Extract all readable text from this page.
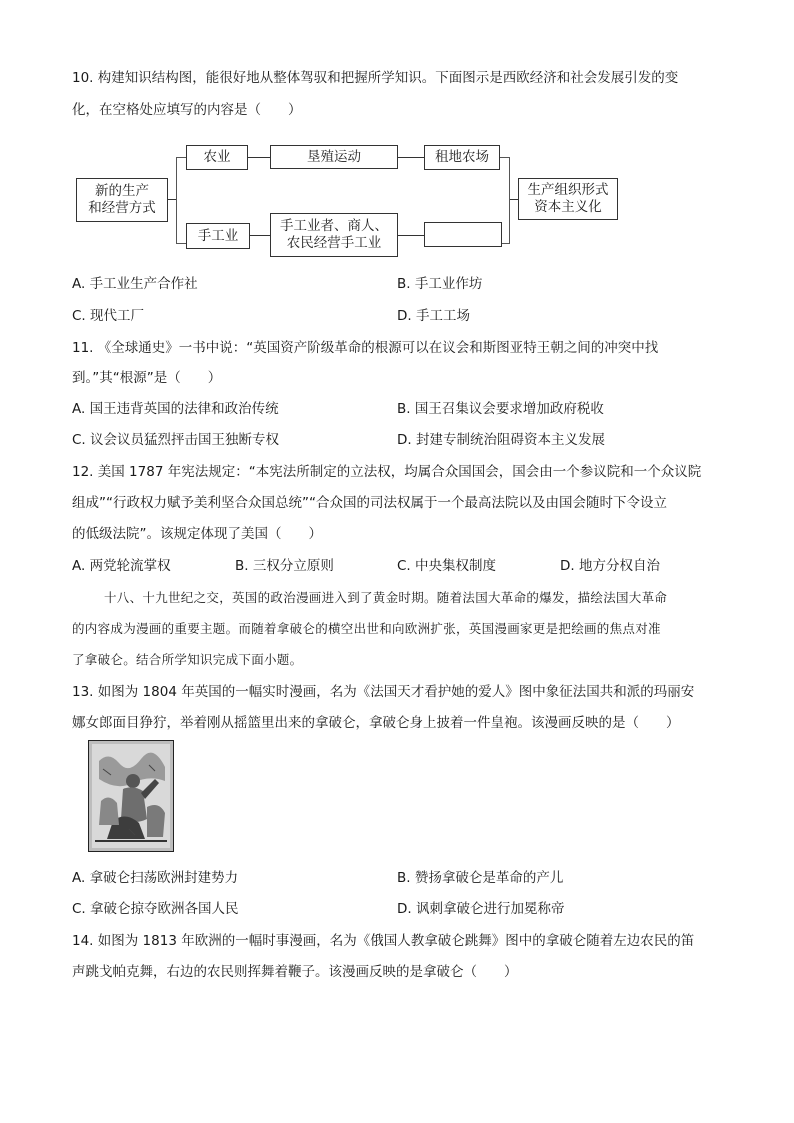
10. 构建知识结构图，能很好地从整体驾驭和把握所学知识。下面图示是西欧经济和社会发展引发的变
化，在空格处应填写的内容是（　　）
新的生产
和经营方式
农业	垦殖运动	租地农场
手工业
手工业者、商人、
农民经营手工业
生产组织形式
资本主义化
A. 手工业生产合作社	B. 手工业作坊
C. 现代工厂	D. 手工工场
11. 《全球通史》一书中说：“英国资产阶级革命的根源可以在议会和斯图亚特王朝之间的冲突中找
到。”其“根源”是（　　）
A. 国王违背英国的法律和政治传统	B. 国王召集议会要求增加政府税收
C. 议会议员猛烈抨击国王独断专权	D. 封建专制统治阻碍资本主义发展
12. 美国 1787 年宪法规定：“本宪法所制定的立法权，均属合众国国会，国会由一个参议院和一个众议院
组成”“行政权力赋予美利坚合众国总统”“合众国的司法权属于一个最高法院以及由国会随时下令设立
的低级法院”。该规定体现了美国（　　）
A. 两党轮流掌权	B. 三权分立原则	C. 中央集权制度	D. 地方分权自治
十八、十九世纪之交，英国的政治漫画进入到了黄金时期。随着法国大革命的爆发，描绘法国大革命
的内容成为漫画的重要主题。而随着拿破仑的横空出世和向欧洲扩张，英国漫画家更是把绘画的焦点对准
了拿破仑。结合所学知识完成下面小题。
13. 如图为 1804 年英国的一幅实时漫画，名为《法国天才看护她的爱人》图中象征法国共和派的玛丽安
娜女郎面目狰狞，举着刚从摇篮里出来的拿破仑，拿破仑身上披着一件皇袍。该漫画反映的是（　　）
A. 拿破仑扫荡欧洲封建势力	B. 赞扬拿破仑是革命的产儿
C. 拿破仑掠夺欧洲各国人民	D. 讽刺拿破仑进行加冕称帝
14. 如图为 1813 年欧洲的一幅时事漫画，名为《俄国人教拿破仑跳舞》图中的拿破仑随着左边农民的笛
声跳戈帕克舞，右边的农民则挥舞着鞭子。该漫画反映的是拿破仑（　　）
